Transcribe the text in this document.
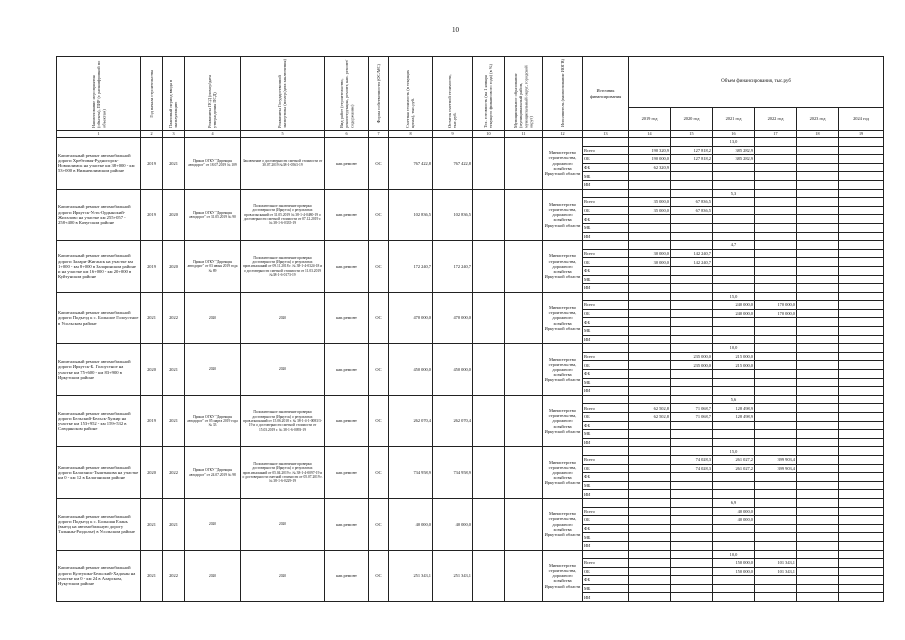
10
Наименование мероприятия (объекта), ПИР (с расшифровкой по объектам)	Год начала строительства	Плановый период ввода в эксплуатацию	Реквизиты ПСД (номер/дата утверждения ПСД)	Реквизиты Государственной экспертизы (номер/дата заключения)	Вид работ (строительство, реконструкция, ремонт, кап. ремонт/содержание)	Форма собственности (ОС/МС)	Сметная стоимость (в текущих ценах), тыс.руб.	Остаток сметной стоимости, тыс.руб.	Тех. готовность (на 1 января текущего финансового года) (в %)	Муниципальное образование (муниципальный район, муниципальный округ, городской округ)	Исполнитель (наименование ИОГВ)	Источник финансирования	Объем финансирования, тыс.руб					
													2019 год	2020 год	2021 год	2022 год	2023 год	2024 год
1	2	3	4	5	6	7	8	9	10	11	12	13	14	15	16	17	18	19
Капитальный ремонт автомобильной дороги Хребтовая-Рудногорск-Новоилимск на участке км 38+000 - км 53+000 в Нижнеилимском районе	2019	2021	Приказ ОГКУ "Дирекция автодорог" от 18.07.2019 № 109	Заключение о достоверности сметной стоимости от 30.07.2019 №38-1-0563-19	кап.ремонт	ОС	767 422,8	767 422,8			Министерство строительства, дорожного хозяйства Иркутской области				13,0			
												Всего	190 320,9	127 818,2	385 282,9			
												ОБ	190 000,0	127 818,2	385 282,9			
												ФБ	62 320,9					
												МБ						
												ИИ						
Капитальный ремонт автомобильной дороги Иркутск-Усть-Ордынский-Жигалово на участке км 255+057 - 258+400 в Качугском районе	2019	2020	Приказ ОГКУ "Дирекция автодорог" от 31.05.2019 № 90	Положительное заключение проверки достоверности (Иркутск) о результатах пров.изысканий от 31.05.2019 № 38-1-4-0480-19 о достоверности сметной стоимости от 07.12.2019 г. № 38-1-6-0335-19	кап.ремонт	ОС	102 836,5	102 836,5			Министерство строительства, дорожного хозяйства Иркутской области				5,3			
												Всего	35 000,0	67 836,5				
												ОБ	35 000,0	67 836,5				
												ФБ						
												МБ						
												ИИ						
Капитальный ремонт автомобильной дороги Залари-Жиганск на участке км 1+000 - км 8+000 в Заларинском районе и на участке км 16+000 - км 20+000 в Куйтунском районе	2019	2020	Приказ ОГКУ "Дирекция автодорог" от 03 июня 2019 года № 89	Положительное заключение проверки достоверности (Иркутск) о результатах пров.изысканий от 09.11.2018 г. № 38-1-4-0324-18 и о достоверности сметной стоимости от 11.03.2019 №38-1-6-0173-19	кап.ремонт	ОС	172 240,7	172 240,7			Министерство строительства, дорожного хозяйства Иркутской области				4,7			
												Всего	30 000,0	142 240,7				
												ОБ	30 000,0	142 240,7				
												ФБ						
												МБ						
												ИИ						
Капитальный ремонт автомобильной дороги Подъезд к с. Большое Голоустное в Усольском районе	2021	2022	2020	2020	кап.ремонт	ОС	470 000,0	470 000,0			Министерство строительства, дорожного хозяйства Иркутской области				15,0			
												Всего			240 000,0	170 000,0		
												ОБ			240 000,0	170 000,0		
												ФБ						
												МБ						
												ИИ						
Капитальный ремонт автомобильной дороги Иркутск-Б. Голоустное на участке км 75+600 - км 83+900 в Иркутском районе	2020	2021	2020	2020	кап.ремонт	ОС	450 000,0	450 000,0			Министерство строительства, дорожного хозяйства Иркутской области				10,0			
												Всего		235 000,0	215 000,0			
												ОБ		235 000,0	215 000,0			
												ФБ						
												МБ						
												ИИ						
Капитальный ремонт автомобильной дороги Бельский-Бельск-Хужир на участке км 153+952 - км 159+532 в Слюдянском районе	2019	2021	Приказ ОГКУ "Дирекция автодорог" от 05 марта 2019 года № 33	Положительное заключение проверки достоверности (Иркутск) о результатах пров.изысканий от 15.06.2018 г. № 38-1-4-1-0083/3-19 и о достоверности сметной стоимости от 15.03.2019 г. № 38-1-6-0093-19	кап.ремонт	ОС	262 070,4	262 070,4			Министерство строительства, дорожного хозяйства Иркутской области				5,6			
												Всего	62 502,8	71 068,7	128 498,9			
												ОБ	62 502,8	71 068,7	128 498,9			
												ФБ						
												МБ						
												ИИ						
Капитальный ремонт автомобильной дороги Балаганск-Тыштыкова на участке км 0 - км 12 в Балаганском районе	2020	2022	Приказ ОГКУ "Дирекция автодорог" от 24.07.2019 № 98	Положительное заключение проверки достоверности (Иркутск) о результатах пров.изысканий от 05.04.2019 г. № 38-1-4-0097-19 и о достоверности сметной стоимости от 05.07.2019 г. № 38-1-6-0229-19	кап.ремонт	ОС	734 958,9	734 958,9			Министерство строительства, дорожного хозяйства Иркутской области				15,0			
												Всего		74 028,3	261 027,2	399 903,4		
												ОБ		74 028,3	261 027,2	399 903,4		
												ФБ						
												МБ						
												ИИ						
Капитальный ремонт автомобильной дороги Подъезд к с. Большая Елань (выезд на автомобильную дорогу Тальяны-Раздолье) в Усольском районе	2021	2021	2020	2020	кап.ремонт	ОС	40 000,0	40 000,0			Министерство строительства, дорожного хозяйства Иркутской области				6,9			
												Всего			40 000,0			
												ОБ			40 000,0			
												ФБ						
												МБ						
												ИИ						
Капитальный ремонт автомобильной дороги Култушка-Бельский-Хадахан на участке км 0 - км 24 в Аларском, Нукутском районе	2021	2022	2020	2020	кап.ремонт	ОС	251 343,1	251 343,1			Министерство строительства, дорожного хозяйства Иркутской области				10,0			
												Всего			150 000,0	101 343,1		
												ОБ			150 000,0	101 343,1		
												ФБ						
												МБ						
												ИИ						
